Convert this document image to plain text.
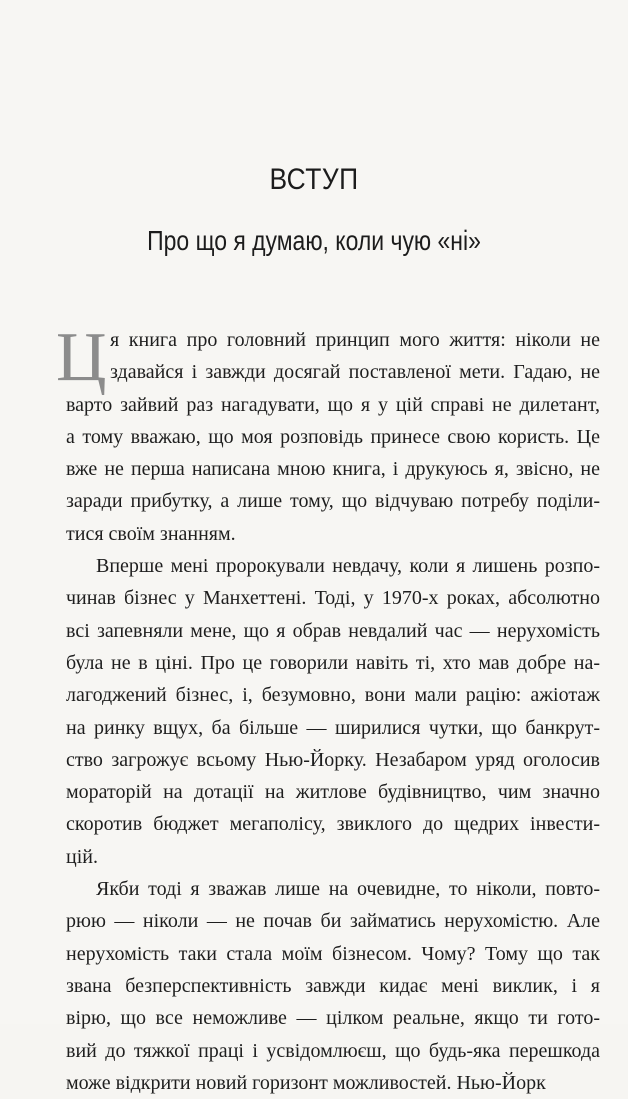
ВСТУП
Про що я думаю, коли чую «ні»
Ц я книга про головний принцип мого життя: ніколи не
здавайся і завжди досягай поставленої мети. Гадаю, не
варто зайвий раз нагадувати, що я у цій справі не дилетант,
а тому вважаю, що моя розповідь принесе свою користь. Це
вже не перша написана мною книга, і друкуюсь я, звісно, не
заради прибутку, а лише тому, що відчуваю потребу поділи-
тися своїм знанням.
Вперше мені пророкували невдачу, коли я лишень розпо-
чинав бізнес у Манхеттені. Тоді, у 1970-х роках, абсолютно
всі запевняли мене, що я обрав невдалий час — нерухомість
була не в ціні. Про це говорили навіть ті, хто мав добре на-
лагоджений бізнес, і, безумовно, вони мали рацію: ажіотаж
на ринку вщух, ба більше — ширилися чутки, що банкрут-
ство загрожує всьому Нью-Йорку. Незабаром уряд оголосив
мораторій на дотації на житлове будівництво, чим значно
скоротив бюджет мегаполісу, звиклого до щедрих інвести-
цій.
Якби тоді я зважав лише на очевидне, то ніколи, повто-
рюю — ніколи — не почав би займатись нерухомістю. Але
нерухомість таки стала моїм бізнесом. Чому? Тому що так
звана безперспективність завжди кидає мені виклик, і я
вірю, що все неможливе — цілком реальне, якщо ти гото-
вий до тяжкої праці і усвідомлюєш, що будь-яка перешкода
може відкрити новий горизонт можливостей. Нью-Йорк
